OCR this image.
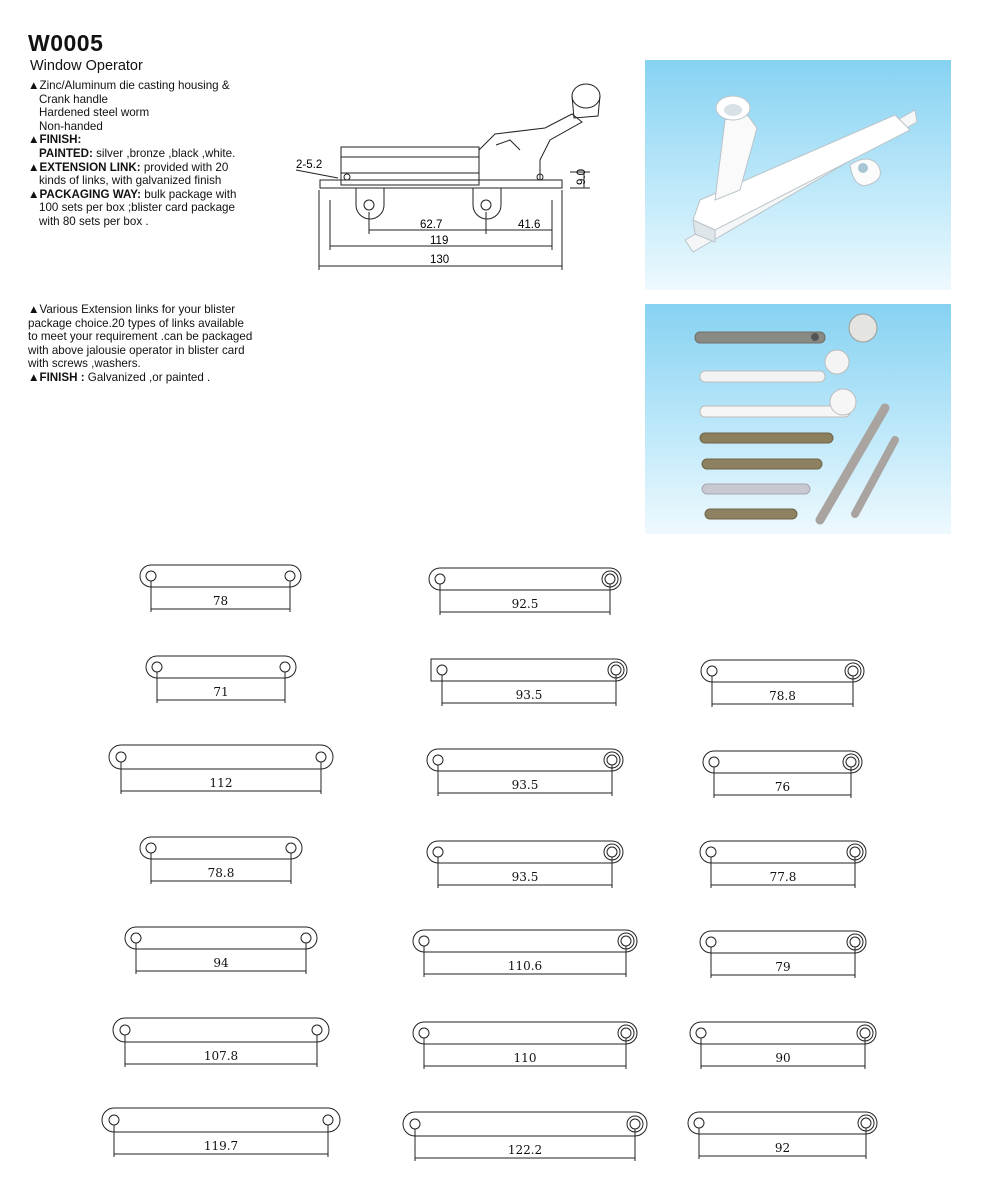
W0005
Window Operator
▲Zinc/Aluminum die casting housing &
Crank handle
Hardened steel worm
Non-handed
▲FINISH:
PAINTED: silver ,bronze ,black ,white.
▲EXTENSION LINK: provided with 20
kinds of links, with galvanized finish
▲PACKAGING WAY: bulk package with
100 sets per box ;blister card package
with 80 sets per box .
▲Various Extension links for your blister
package choice.20 types of links available
to meet your requirement .can be packaged
with above jalousie operator in blister card
with screws ,washers.
▲FINISH : Galvanized ,or painted .
2-5.2
9.0
62.7	41.6
119
130
78
71
112
78.8
94
107.8
119.7
92.5
93.5
93.5
93.5
110.6
110
122.2
78.8
76
77.8
79
90
92
